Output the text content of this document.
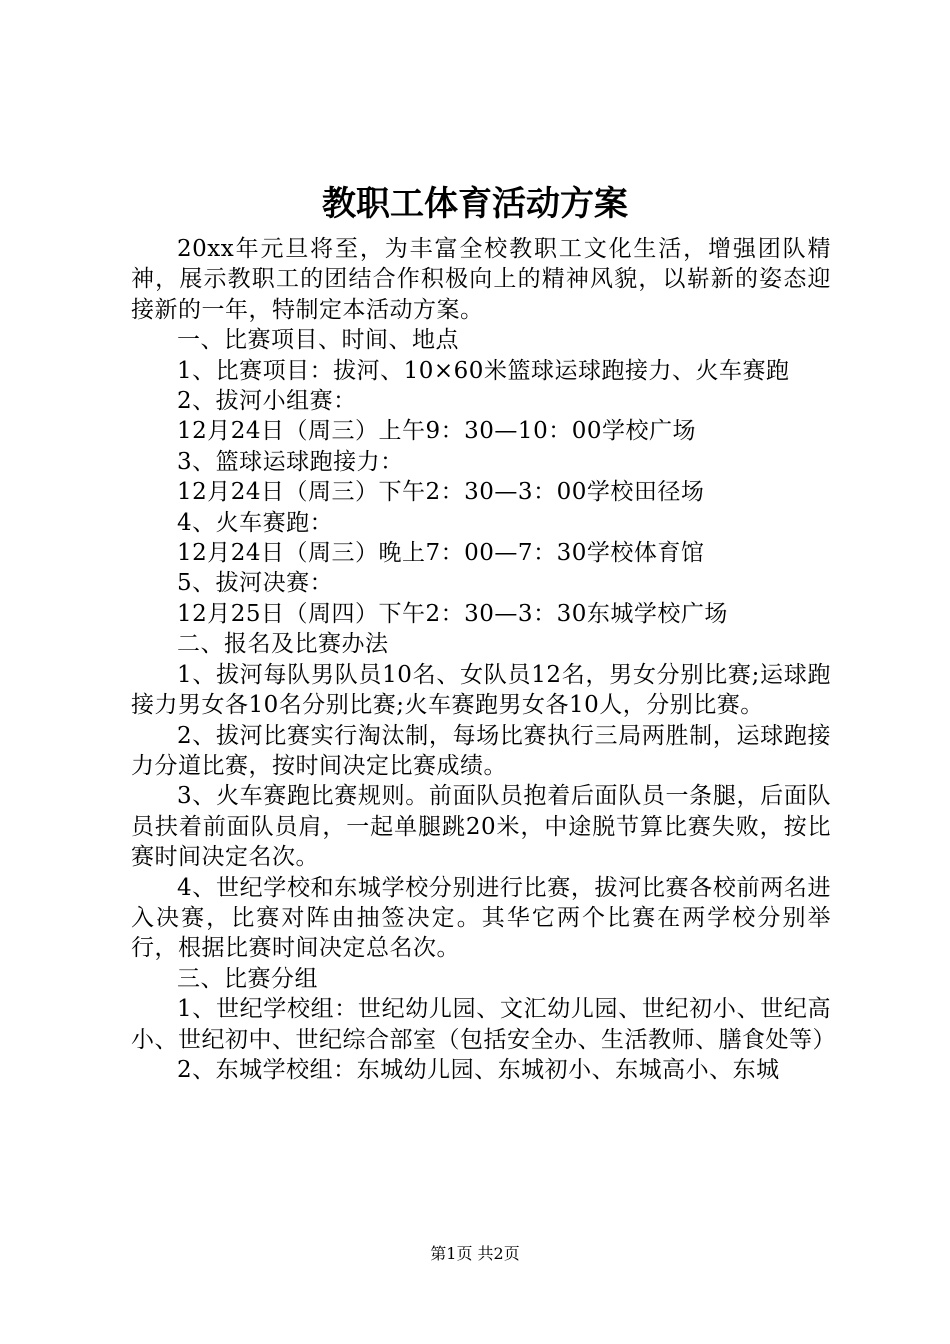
教职工体育活动方案

20xx年元旦将至，为丰富全校教职工文化生活，增强团队精神，展示教职工的团结合作积极向上的精神风貌，以崭新的姿态迎接新的一年，特制定本活动方案。

一、比赛项目、时间、地点

1、比赛项目：拔河、10×60米篮球运球跑接力、火车赛跑

2、拔河小组赛：

12月24日（周三）上午9：30—10：00学校广场

3、篮球运球跑接力：

12月24日（周三）下午2：30—3：00学校田径场

4、火车赛跑：

12月24日（周三）晚上7：00—7：30学校体育馆

5、拔河决赛：

12月25日（周四）下午2：30—3：30东城学校广场

二、报名及比赛办法

1、拔河每队男队员10名、女队员12名，男女分别比赛;运球跑接力男女各10名分别比赛;火车赛跑男女各10人，分别比赛。

2、拔河比赛实行淘汰制，每场比赛执行三局两胜制，运球跑接力分道比赛，按时间决定比赛成绩。

3、火车赛跑比赛规则。前面队员抱着后面队员一条腿，后面队员扶着前面队员肩，一起单腿跳20米，中途脱节算比赛失败，按比赛时间决定名次。

4、世纪学校和东城学校分别进行比赛，拔河比赛各校前两名进入决赛，比赛对阵由抽签决定。其华它两个比赛在两学校分别举行，根据比赛时间决定总名次。

三、比赛分组

1、世纪学校组：世纪幼儿园、文汇幼儿园、世纪初小、世纪高小、世纪初中、世纪综合部室（包括安全办、生活教师、膳食处等）

2、东城学校组：东城幼儿园、东城初小、东城高小、东城

第1页 共2页
